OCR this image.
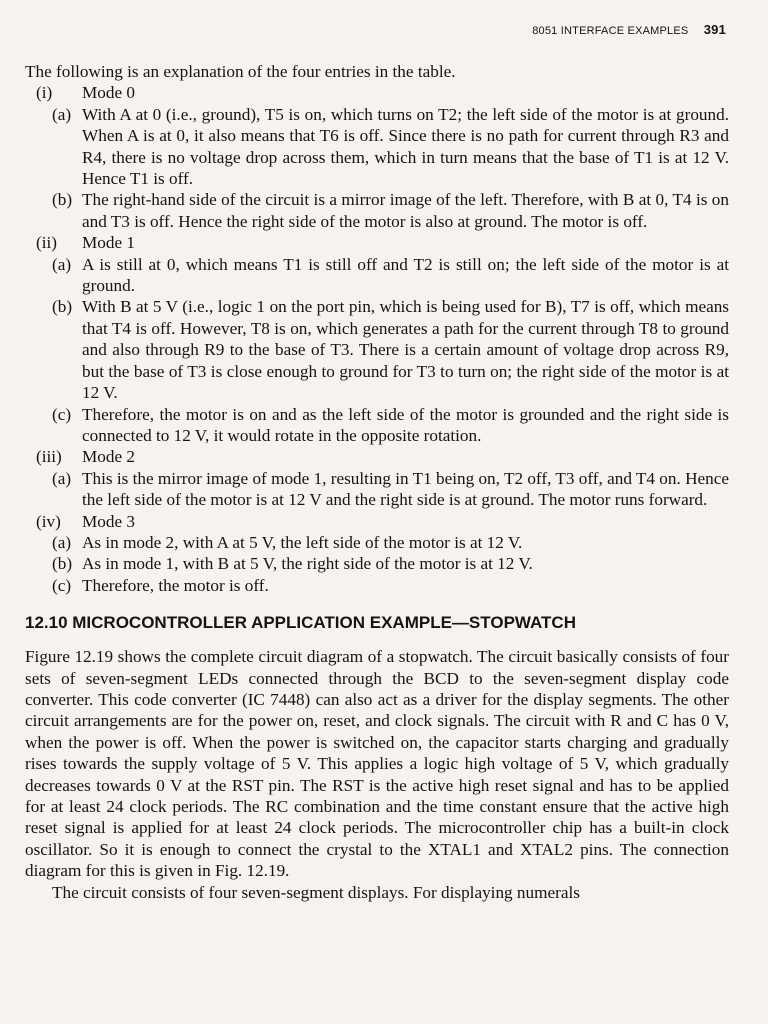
8051 INTERFACE EXAMPLES 391

The following is an explanation of the four entries in the table.

(i)	Mode 0
(a) With A at 0 (i.e., ground), T5 is on, which turns on T2; the left side of the motor is at ground. When A is at 0, it also means that T6 is off. Since there is no path for current through R3 and R4, there is no voltage drop across them, which in turn means that the base of T1 is at 12 V. Hence T1 is off.
(b) The right-hand side of the circuit is a mirror image of the left. Therefore, with B at 0, T4 is on and T3 is off. Hence the right side of the motor is also at ground. The motor is off.
(ii)	Mode 1
(a) A is still at 0, which means T1 is still off and T2 is still on; the left side of the motor is at ground.
(b) With B at 5 V (i.e., logic 1 on the port pin, which is being used for B), T7 is off, which means that T4 is off. However, T8 is on, which generates a path for the current through T8 to ground and also through R9 to the base of T3. There is a certain amount of voltage drop across R9, but the base of T3 is close enough to ground for T3 to turn on; the right side of the motor is at 12 V.
(c) Therefore, the motor is on and as the left side of the motor is grounded and the right side is connected to 12 V, it would rotate in the opposite rotation.
(iii)	Mode 2
(a) This is the mirror image of mode 1, resulting in T1 being on, T2 off, T3 off, and T4 on. Hence the left side of the motor is at 12 V and the right side is at ground. The motor runs forward.
(iv)	Mode 3
(a) As in mode 2, with A at 5 V, the left side of the motor is at 12 V.
(b) As in mode 1, with B at 5 V, the right side of the motor is at 12 V.
(c) Therefore, the motor is off.
12.10 MICROCONTROLLER APPLICATION EXAMPLE—STOPWATCH

Figure 12.19 shows the complete circuit diagram of a stopwatch. The circuit basically consists of four sets of seven-segment LEDs connected through the BCD to the seven-segment display code converter. This code converter (IC 7448) can also act as a driver for the display segments. The other circuit arrangements are for the power on, reset, and clock signals. The circuit with R and C has 0 V, when the power is off. When the power is switched on, the capacitor starts charging and gradually rises towards the supply voltage of 5 V. This applies a logic high voltage of 5 V, which gradually decreases towards 0 V at the RST pin. The RST is the active high reset signal and has to be applied for at least 24 clock periods. The RC combination and the time constant ensure that the active high reset signal is applied for at least 24 clock periods. The microcontroller chip has a built-in clock oscillator. So it is enough to connect the crystal to the XTAL1 and XTAL2 pins. The connection diagram for this is given in Fig. 12.19.

The circuit consists of four seven-segment displays. For displaying numerals
